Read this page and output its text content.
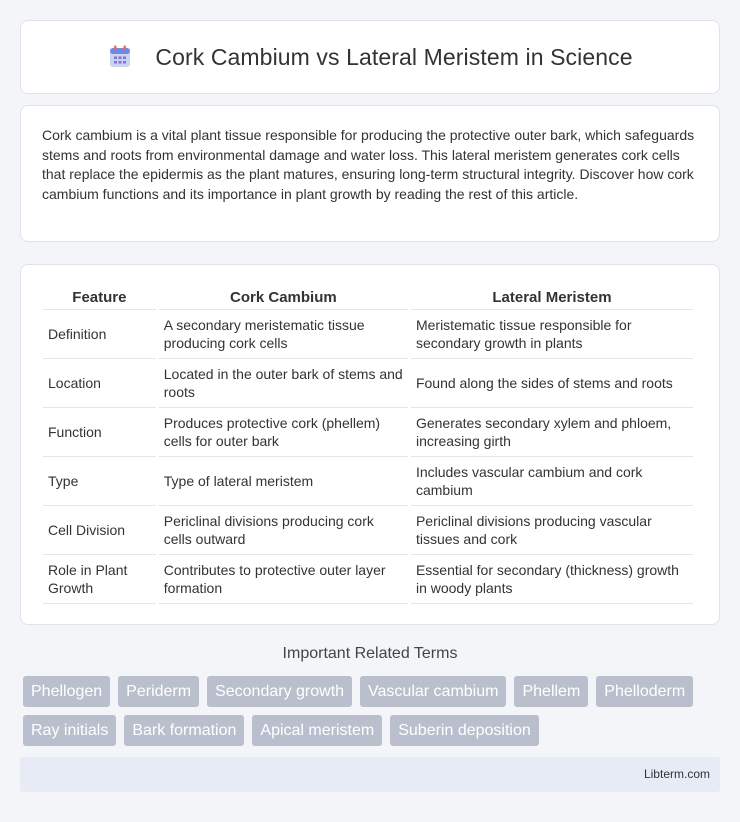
Cork Cambium vs Lateral Meristem in Science

Cork cambium is a vital plant tissue responsible for producing the protective outer bark, which safeguards stems and roots from environmental damage and water loss. This lateral meristem generates cork cells that replace the epidermis as the plant matures, ensuring long-term structural integrity. Discover how cork cambium functions and its importance in plant growth by reading the rest of this article.

Feature	Cork Cambium	Lateral Meristem
Definition	A secondary meristematic tissue producing cork cells	Meristematic tissue responsible for secondary growth in plants
Location	Located in the outer bark of stems and roots	Found along the sides of stems and roots
Function	Produces protective cork (phellem) cells for outer bark	Generates secondary xylem and phloem, increasing girth
Type	Type of lateral meristem	Includes vascular cambium and cork cambium
Cell Division	Periclinal divisions producing cork cells outward	Periclinal divisions producing vascular tissues and cork
Role in Plant Growth	Contributes to protective outer layer formation	Essential for secondary (thickness) growth in woody plants
Important Related Terms
Phellogen	Periderm	Secondary growth	Vascular cambium	Phellem	Phelloderm
Ray initials	Bark formation	Apical meristem	Suberin deposition
Libterm.com
